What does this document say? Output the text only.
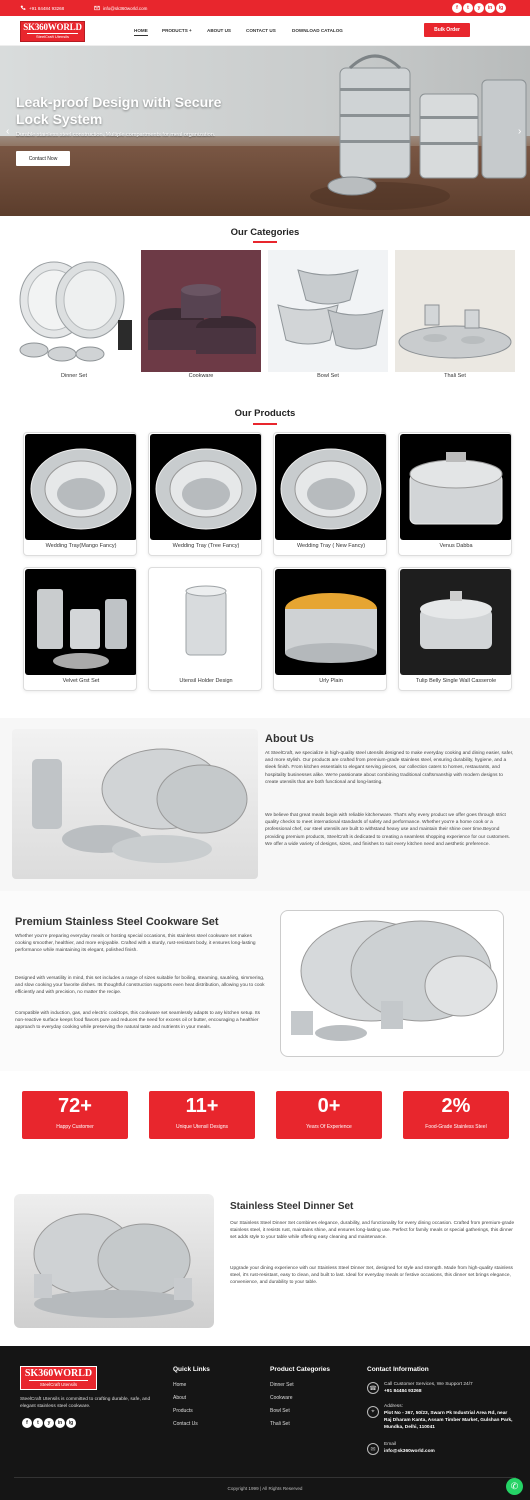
+91 84484 93268	info@sk360world.com	f	t	y	in	ig
SK360WORLD
SteelCraft Utensils
HOME	PRODUCTS +	ABOUT US	CONTACT US	DOWNLOAD CATALOG	Bulk Order
‹	›
Leak-proof Design with Secure Lock System
Durable stainless steel construction. Multiple compartments for meal organization.
Contact Now
Our Categories
Dinner Set	Cookware	Bowl Set	Thali Set
Our Products
Wedding Tray(Mango Fancy)	Wedding Tray (Tree Fancy)	Wedding Tray ( New Fancy)	Venus Dabba
Velvet Grst Set	Utensil Holder Design	Urly Plain	Tulip Belly Single Wall Casserole
About Us
At SteelCraft, we specialize in high-quality steel utensils designed to make everyday cooking and dining easier, safer, and more stylish. Our products are crafted from premium-grade stainless steel, ensuring durability, hygiene, and a sleek finish. From kitchen essentials to elegant serving pieces, our collection caters to homes, restaurants, and hospitality businesses alike. We're passionate about combining traditional craftsmanship with modern designs to create utensils that are both functional and long-lasting.
We believe that great meals begin with reliable kitchenware. That's why every product we offer goes through strict quality checks to meet international standards of safety and performance. Whether you're a home cook or a professional chef, our steel utensils are built to withstand heavy use and maintain their shine over time.Beyond providing premium products, SteelCraft is dedicated to creating a seamless shopping experience for our customers. We offer a wide variety of designs, sizes, and finishes to suit every kitchen need and aesthetic preference.
Premium Stainless Steel Cookware Set
Whether you're preparing everyday meals or hosting special occasions, this stainless steel cookware set makes cooking smoother, healthier, and more enjoyable. Crafted with a sturdy, rust-resistant body, it ensures long-lasting performance while maintaining its elegant, polished finish.
Designed with versatility in mind, this set includes a range of sizes suitable for boiling, steaming, sautéing, simmering, and slow cooking your favorite dishes. Its thoughtful construction supports even heat distribution, allowing you to cook efficiently and with precision, no matter the recipe.
Compatible with induction, gas, and electric cooktops, this cookware set seamlessly adapts to any kitchen setup. Its non-reactive surface keeps food flavors pure and reduces the need for excess oil or butter, encouraging a healthier approach to everyday cooking while preserving the natural taste and nutrients in your meals.
72+
Happy Customer
11+
Unique Utensil Designs
0+
Years Of Experience
2%
Food-Grade Stainless Steel
Stainless Steel Dinner Set
Our Stainless Steel Dinner Set combines elegance, durability, and functionality for every dining occasion. Crafted from premium-grade stainless steel, it resists rust, maintains shine, and ensures long-lasting use. Perfect for family meals or special gatherings, this dinner set adds style to your table while offering easy cleaning and maintenance.
Upgrade your dining experience with our Stainless Steel Dinner Set, designed for style and strength. Made from high-quality stainless steel, it's rust-resistant, easy to clean, and built to last. Ideal for everyday meals or festive occasions, this dinner set brings elegance, convenience, and durability to your table.
SK360WORLD
SteelCraft Utensils
SteelCraft Utensils is committed to crafting durable, safe, and elegant stainless steel cookware.
f	t	y	in	ig
Quick Links
Home
About
Products
Contact Us
Product Categories
Dinner Set
Cookware
Bowl Set
Thali Set
Contact Information
☎
Call Customer Services, We Support 24/7
+91 84484 93268
⌖
Address:
Plot No - 367, 50/23, Swarn Pk Industrial Area Rd, near Raj Dharam Kanta, Assam Timber Market, Gulshan Park, Mundka, Delhi, 110041
✉
Email
info@sk360world.com
Copyright 1999 | All Rights Reserved	✆
